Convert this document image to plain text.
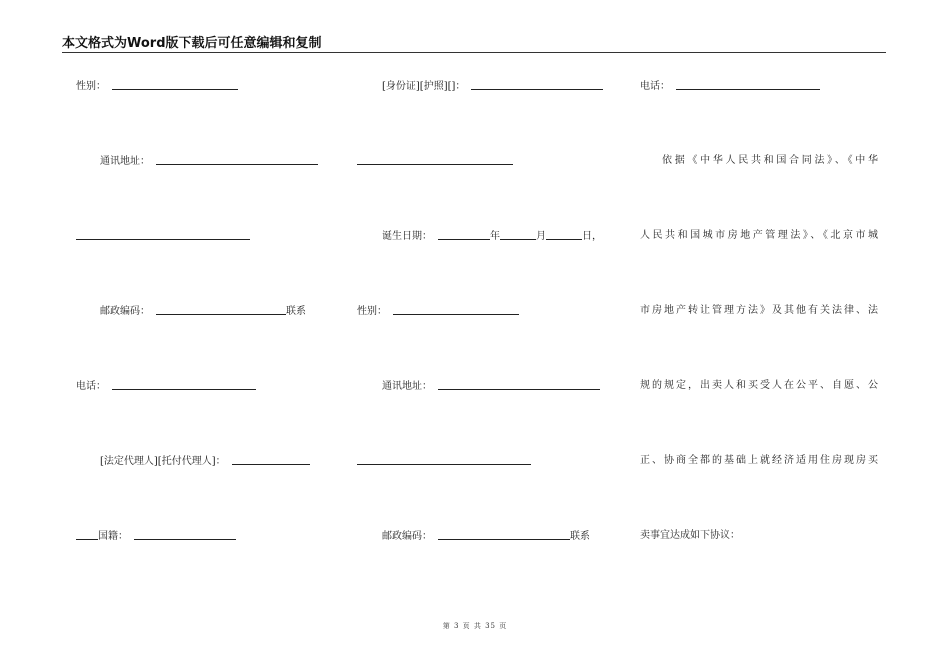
本文格式为Word版下载后可任意编辑和复制
性别：
通讯地址：
邮政编码：	联系
电话：
[法定代理人][托付代理人]：
国籍：
[身份证][护照][]：
诞生日期：	年	月	日，
性别：
通讯地址：
邮政编码：	联系
电话：
依据《中华人民共和国合同法》、《中华
人民共和国城市房地产管理法》、《北京市城
市房地产转让管理方法》及其他有关法律、法
规的规定，出卖人和买受人在公平、自愿、公
正、协商全都的基础上就经济适用住房现房买
卖事宜达成如下协议：
第 3 页 共 35 页
